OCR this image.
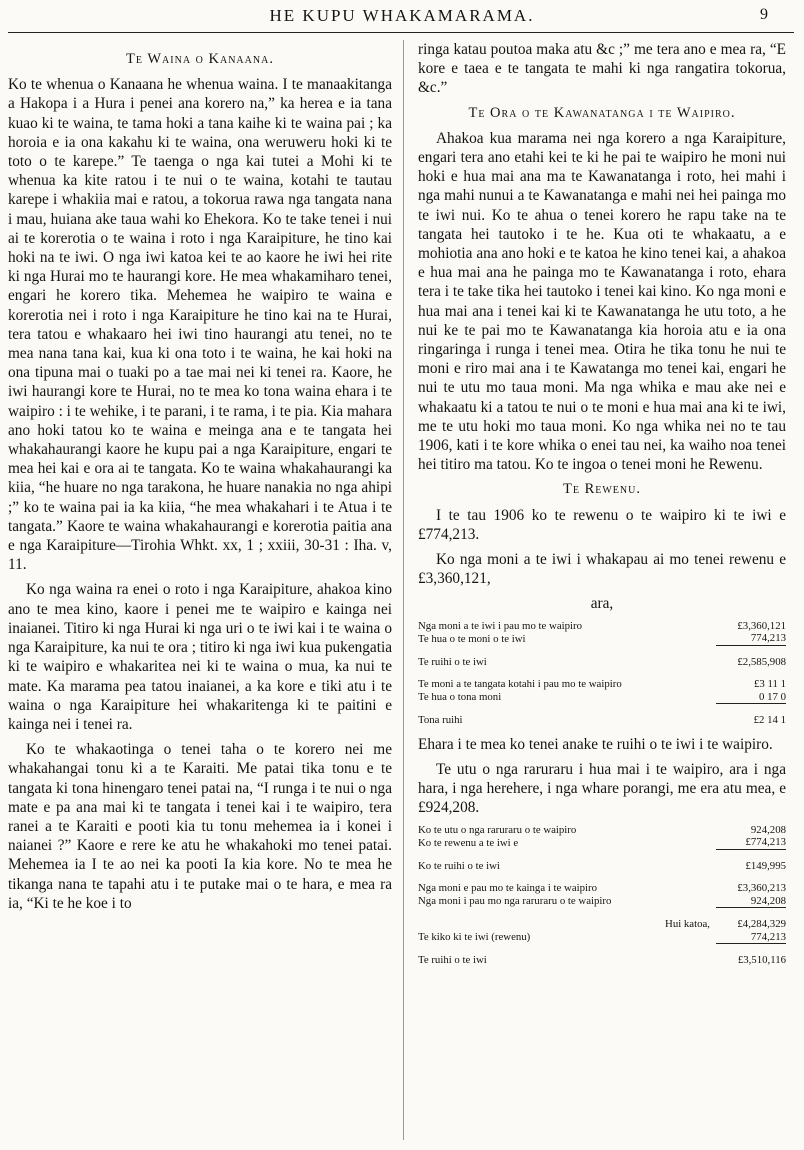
HE KUPU WHAKAMARAMA.	9
Te Waina o Kanaana.

Ko te whenua o Kanaana he whenua waina. I te manaakitanga a Hakopa i a Hura i penei ana korero na,” ka herea e ia tana kuao ki te waina, te tama hoki a tana kaihe ki te waina pai ; ka horoia e ia ona kakahu ki te waina, ona weruweru hoki ki te toto o te karepe.” Te taenga o nga kai tutei a Mohi ki te whenua ka kite ratou i te nui o te waina, kotahi te tautau karepe i whakiia mai e ratou, a tokorua rawa nga tangata nana i mau, huiana ake taua wahi ko Ehekora. Ko te take tenei i nui ai te korerotia o te waina i roto i nga Karaipiture, he tino kai hoki na te iwi. O nga iwi katoa kei te ao kaore he iwi hei rite ki nga Hurai mo te haurangi kore. He mea whakamiharo tenei, engari he korero tika. Mehemea he waipiro te waina e korerotia nei i roto i nga Karaipiture he tino kai na te Hurai, tera tatou e whakaaro hei iwi tino haurangi atu tenei, no te mea nana tana kai, kua ki ona toto i te waina, he kai hoki na ona tipuna mai o tuaki po a tae mai nei ki tenei ra. Kaore, he iwi haurangi kore te Hurai, no te mea ko tona waina ehara i te waipiro : i te wehike, i te parani, i te rama, i te pia. Kia mahara ano hoki tatou ko te waina e meinga ana e te tangata hei whakahaurangi kaore he kupu pai a nga Karaipiture, engari te mea hei kai e ora ai te tangata. Ko te waina whakahaurangi ka kiia, “he huare no nga tarakona, he huare nanakia no nga ahipi ;” ko te waina pai ia ka kiia, “he mea whakahari i te Atua i te tangata.” Kaore te waina whakahaurangi e korerotia paitia ana e nga Karaipiture—Tirohia Whkt. xx, 1 ; xxiii, 30-31 : Iha. v, 11.

Ko nga waina ra enei o roto i nga Karaipiture, ahakoa kino ano te mea kino, kaore i penei me te waipiro e kainga nei inaianei. Titiro ki nga Hurai ki nga uri o te iwi kai i te waina o nga Karaipiture, ka nui te ora ; titiro ki nga iwi kua pukengatia ki te waipiro e whakaritea nei ki te waina o mua, ka nui te mate. Ka marama pea tatou inaianei, a ka kore e tiki atu i te waina o nga Karaipiture hei whakaritenga ki te paitini e kainga nei i tenei ra.

Ko te whakaotinga o tenei taha o te korero nei me whakahangai tonu ki a te Karaiti. Me patai tika tonu e te tangata ki tona hinengaro tenei patai na, “I runga i te nui o nga mate e pa ana mai ki te tangata i tenei kai i te waipiro, tera ranei a te Karaiti e pooti kia tu tonu mehemea ia i konei i naianei ?” Kaore e rere ke atu he whakahoki mo tenei patai. Mehemea ia I te ao nei ka pooti Ia kia kore. No te mea he tikanga nana te tapahi atu i te putake mai o te hara, e mea ra ia, “Ki te he koe i to

ringa katau poutoa maka atu &c ;” me tera ano e mea ra, “E kore e taea e te tangata te mahi ki nga rangatira tokorua, &c.”

Te Ora o te Kawanatanga i te Waipiro.

Ahakoa kua marama nei nga korero a nga Karaipiture, engari tera ano etahi kei te ki he pai te waipiro he moni nui hoki e hua mai ana ma te Kawanatanga i roto, hei mahi i nga mahi nunui a te Kawanatanga e mahi nei hei painga mo te iwi nui. Ko te ahua o tenei korero he rapu take na te tangata hei tautoko i te he. Kua oti te whakaatu, a e mohiotia ana ano hoki e te katoa he kino tenei kai, a ahakoa e hua mai ana he painga mo te Kawanatanga i roto, ehara tera i te take tika hei tautoko i tenei kai kino. Ko nga moni e hua mai ana i tenei kai ki te Kawanatanga he utu toto, a he nui ke te pai mo te Kawanatanga kia horoia atu e ia ona ringaringa i runga i tenei mea. Otira he tika tonu he nui te moni e riro mai ana i te Kawatanga mo tenei kai, engari he nui te utu mo taua moni. Ma nga whika e mau ake nei e whakaatu ki a tatou te nui o te moni e hua mai ana ki te iwi, me te utu hoki mo taua moni. Ko nga whika nei no te tau 1906, kati i te kore whika o enei tau nei, ka waiho noa tenei hei titiro ma tatou. Ko te ingoa o tenei moni he Rewenu.

Te Rewenu.

I te tau 1906 ko te rewenu o te waipiro ki te iwi e £774,213.

Ko nga moni a te iwi i whakapau ai mo tenei rewenu e £3,360,121,

ara,

Nga moni a te iwi i pau mo te waipiro	£3,360,121
Te hua o te moni o te iwi	774,213

Te ruihi o te iwi	£2,585,908

Te moni a te tangata kotahi i pau mo te waipiro	£3 11 1
Te hua o tona moni	0 17 0

Tona ruihi	£2 14 1

Ehara i te mea ko tenei anake te ruihi o te iwi i te waipiro.

Te utu o nga raruraru i hua mai i te waipiro, ara i nga hara, i nga herehere, i nga whare porangi, me era atu mea, e £924,208.

Ko te utu o nga raruraru o te waipiro	924,208
Ko te rewenu a te iwi e	£774,213

Ko te ruihi o te iwi	£149,995

Nga moni e pau mo te kainga i te waipiro	£3,360,213
Nga moni i pau mo nga raruraru o te waipiro	924,208

Hui katoa,	£4,284,329
Te kiko ki te iwi (rewenu)	774,213

Te ruihi o te iwi	£3,510,116
